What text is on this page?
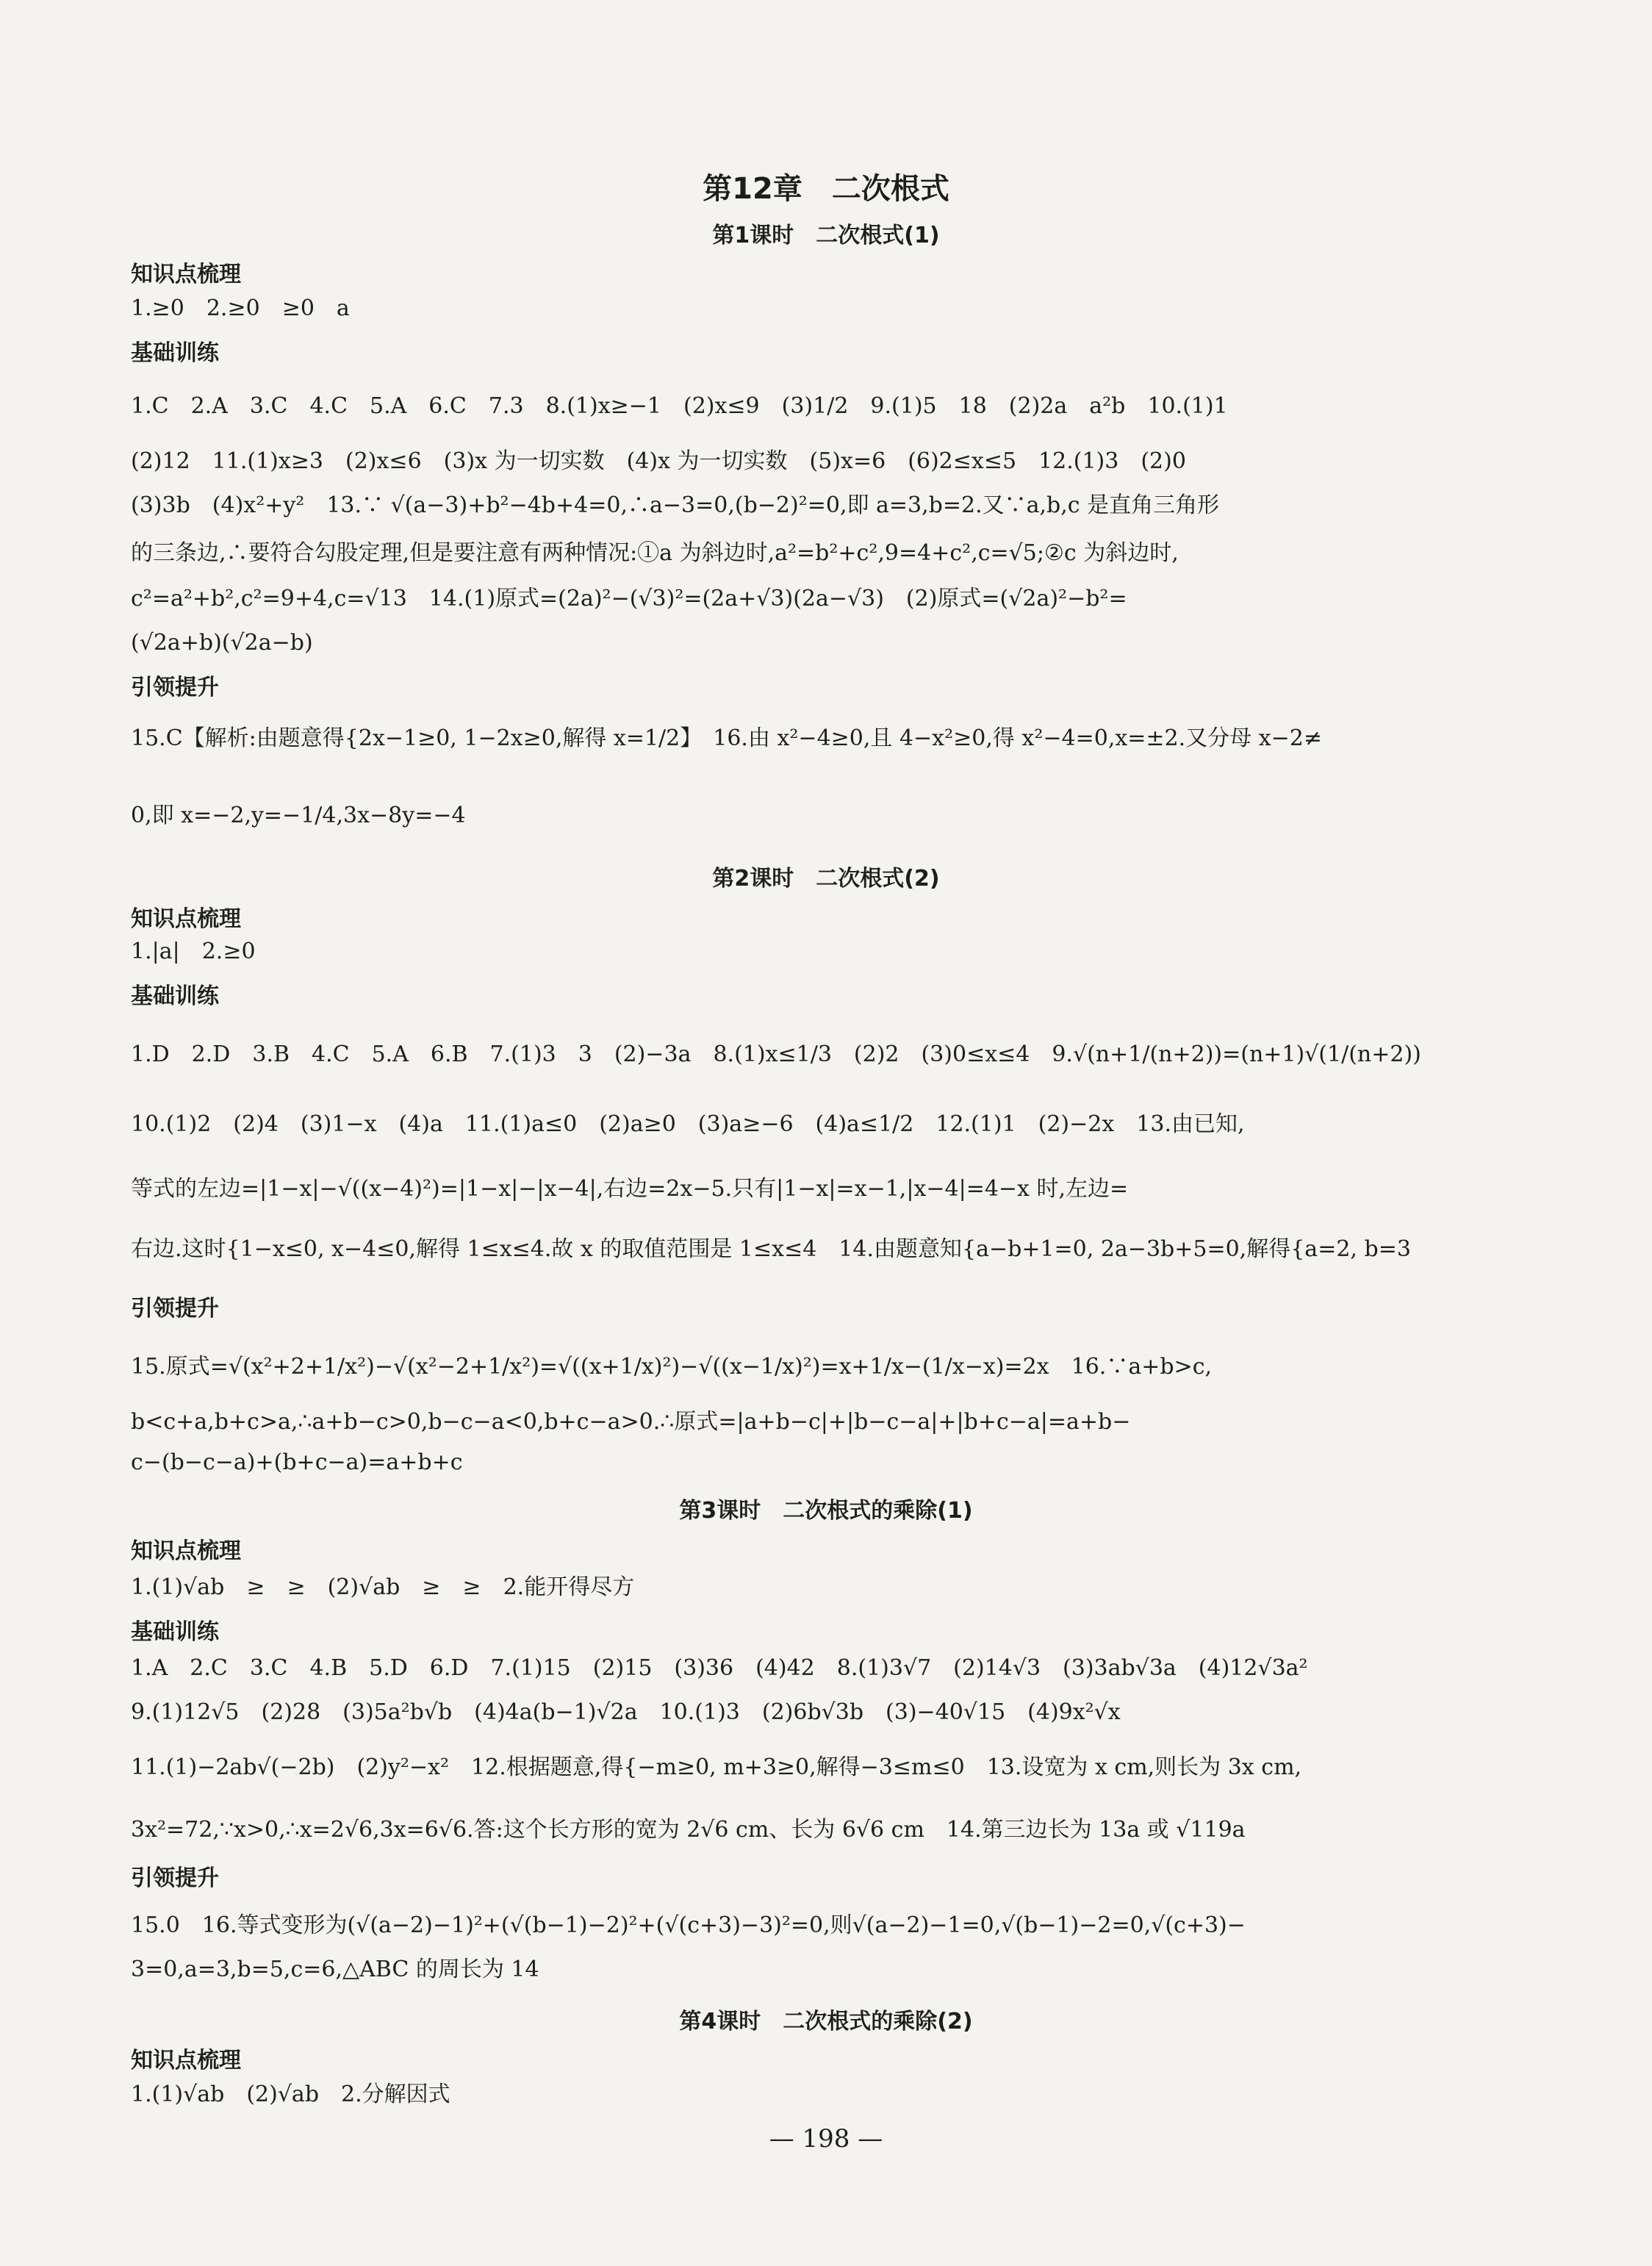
第12章　二次根式
第1课时　二次根式(1)
知识点梳理
1.≥0　2.≥0　≥0　a
基础训练
1.C　2.A　3.C　4.C　5.A　6.C　7.3　8.(1)x≥−1　(2)x≤9　(3)1/2　9.(1)5　18　(2)2a　a²b　10.(1)1
(2)12　11.(1)x≥3　(2)x≤6　(3)x 为一切实数　(4)x 为一切实数　(5)x=6　(6)2≤x≤5　12.(1)3　(2)0
(3)3b　(4)x²+y²　13.∵ √(a−3)+b²−4b+4=0,∴a−3=0,(b−2)²=0,即 a=3,b=2.又∵a,b,c 是直角三角形
的三条边,∴要符合勾股定理,但是要注意有两种情况:①a 为斜边时,a²=b²+c²,9=4+c²,c=√5;②c 为斜边时,
c²=a²+b²,c²=9+4,c=√13　14.(1)原式=(2a)²−(√3)²=(2a+√3)(2a−√3)　(2)原式=(√2a)²−b²=
(√2a+b)(√2a−b)
引领提升
15.C【解析:由题意得{2x−1≥0, 1−2x≥0,解得 x=1/2】　16.由 x²−4≥0,且 4−x²≥0,得 x²−4=0,x=±2.又分母 x−2≠
0,即 x=−2,y=−1/4,3x−8y=−4
第2课时　二次根式(2)
知识点梳理
1.|a|　2.≥0
基础训练
1.D　2.D　3.B　4.C　5.A　6.B　7.(1)3　3　(2)−3a　8.(1)x≤1/3　(2)2　(3)0≤x≤4　9.√(n+1/(n+2))=(n+1)√(1/(n+2))
10.(1)2　(2)4　(3)1−x　(4)a　11.(1)a≤0　(2)a≥0　(3)a≥−6　(4)a≤1/2　12.(1)1　(2)−2x　13.由已知,
等式的左边=|1−x|−√((x−4)²)=|1−x|−|x−4|,右边=2x−5.只有|1−x|=x−1,|x−4|=4−x 时,左边=
右边.这时{1−x≤0, x−4≤0,解得 1≤x≤4.故 x 的取值范围是 1≤x≤4　14.由题意知{a−b+1=0, 2a−3b+5=0,解得{a=2, b=3
引领提升
15.原式=√(x²+2+1/x²)−√(x²−2+1/x²)=√((x+1/x)²)−√((x−1/x)²)=x+1/x−(1/x−x)=2x　16.∵a+b>c,
b<c+a,b+c>a,∴a+b−c>0,b−c−a<0,b+c−a>0.∴原式=|a+b−c|+|b−c−a|+|b+c−a|=a+b−
c−(b−c−a)+(b+c−a)=a+b+c
第3课时　二次根式的乘除(1)
知识点梳理
1.(1)√ab　≥　≥　(2)√ab　≥　≥　2.能开得尽方
基础训练
1.A　2.C　3.C　4.B　5.D　6.D　7.(1)15　(2)15　(3)36　(4)42　8.(1)3√7　(2)14√3　(3)3ab√3a　(4)12√3a²
9.(1)12√5　(2)28　(3)5a²b√b　(4)4a(b−1)√2a　10.(1)3　(2)6b√3b　(3)−40√15　(4)9x²√x
11.(1)−2ab√(−2b)　(2)y²−x²　12.根据题意,得{−m≥0, m+3≥0,解得−3≤m≤0　13.设宽为 x cm,则长为 3x cm,
3x²=72,∵x>0,∴x=2√6,3x=6√6.答:这个长方形的宽为 2√6 cm、长为 6√6 cm　14.第三边长为 13a 或 √119a
引领提升
15.0　16.等式变形为(√(a−2)−1)²+(√(b−1)−2)²+(√(c+3)−3)²=0,则√(a−2)−1=0,√(b−1)−2=0,√(c+3)−
3=0,a=3,b=5,c=6,△ABC 的周长为 14
第4课时　二次根式的乘除(2)
知识点梳理
1.(1)√ab　(2)√ab　2.分解因式
— 198 —
